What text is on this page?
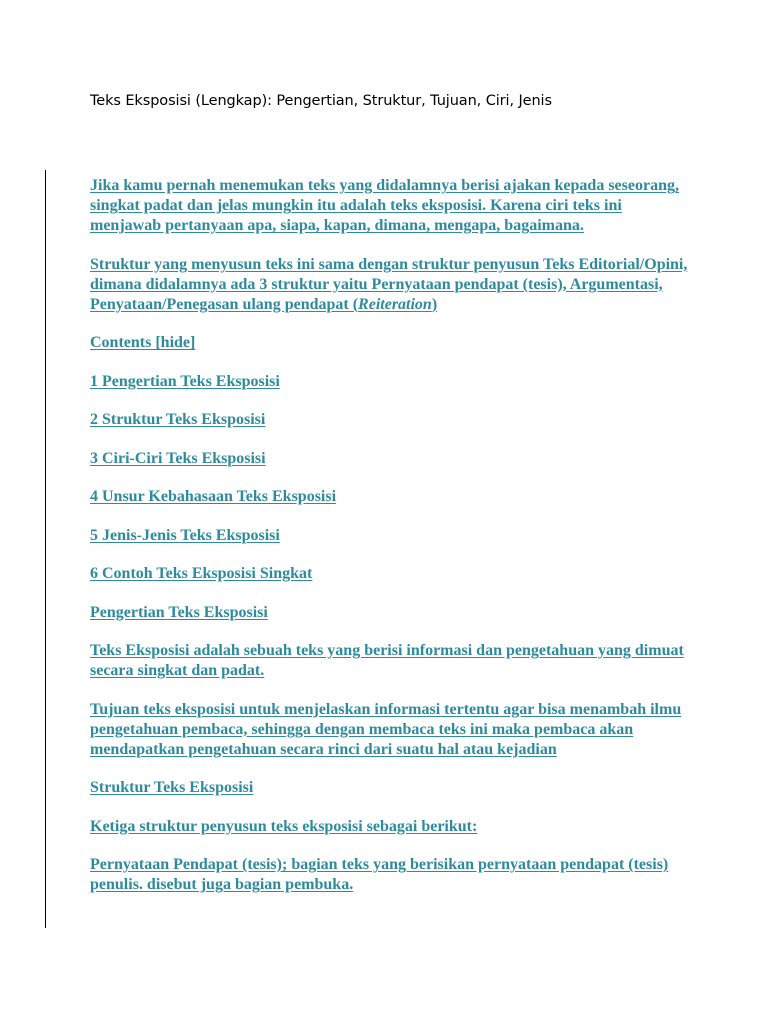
Teks Eksposisi (Lengkap): Pengertian, Struktur, Tujuan, Ciri, Jenis

Jika kamu pernah menemukan teks yang didalamnya berisi ajakan kepada seseorang, singkat padat dan jelas mungkin itu adalah teks eksposisi. Karena ciri teks ini menjawab pertanyaan apa, siapa, kapan, dimana, mengapa, bagaimana.

Struktur yang menyusun teks ini sama dengan struktur penyusun Teks Editorial/Opini, dimana didalamnya ada 3 struktur yaitu Pernyataan pendapat (tesis), Argumentasi, Penyataan/Penegasan ulang pendapat (Reiteration)

Contents [hide]

1 Pengertian Teks Eksposisi

2 Struktur Teks Eksposisi

3 Ciri-Ciri Teks Eksposisi

4 Unsur Kebahasaan Teks Eksposisi

5 Jenis-Jenis Teks Eksposisi

6 Contoh Teks Eksposisi Singkat

Pengertian Teks Eksposisi

Teks Eksposisi adalah sebuah teks yang berisi informasi dan pengetahuan yang dimuat secara singkat dan padat.

Tujuan teks eksposisi untuk menjelaskan informasi tertentu agar bisa menambah ilmu pengetahuan pembaca, sehingga dengan membaca teks ini maka pembaca akan mendapatkan pengetahuan secara rinci dari suatu hal atau kejadian

Struktur Teks Eksposisi

Ketiga struktur penyusun teks eksposisi sebagai berikut:

Pernyataan Pendapat (tesis); bagian teks yang berisikan pernyataan pendapat (tesis) penulis. disebut juga bagian pembuka.
